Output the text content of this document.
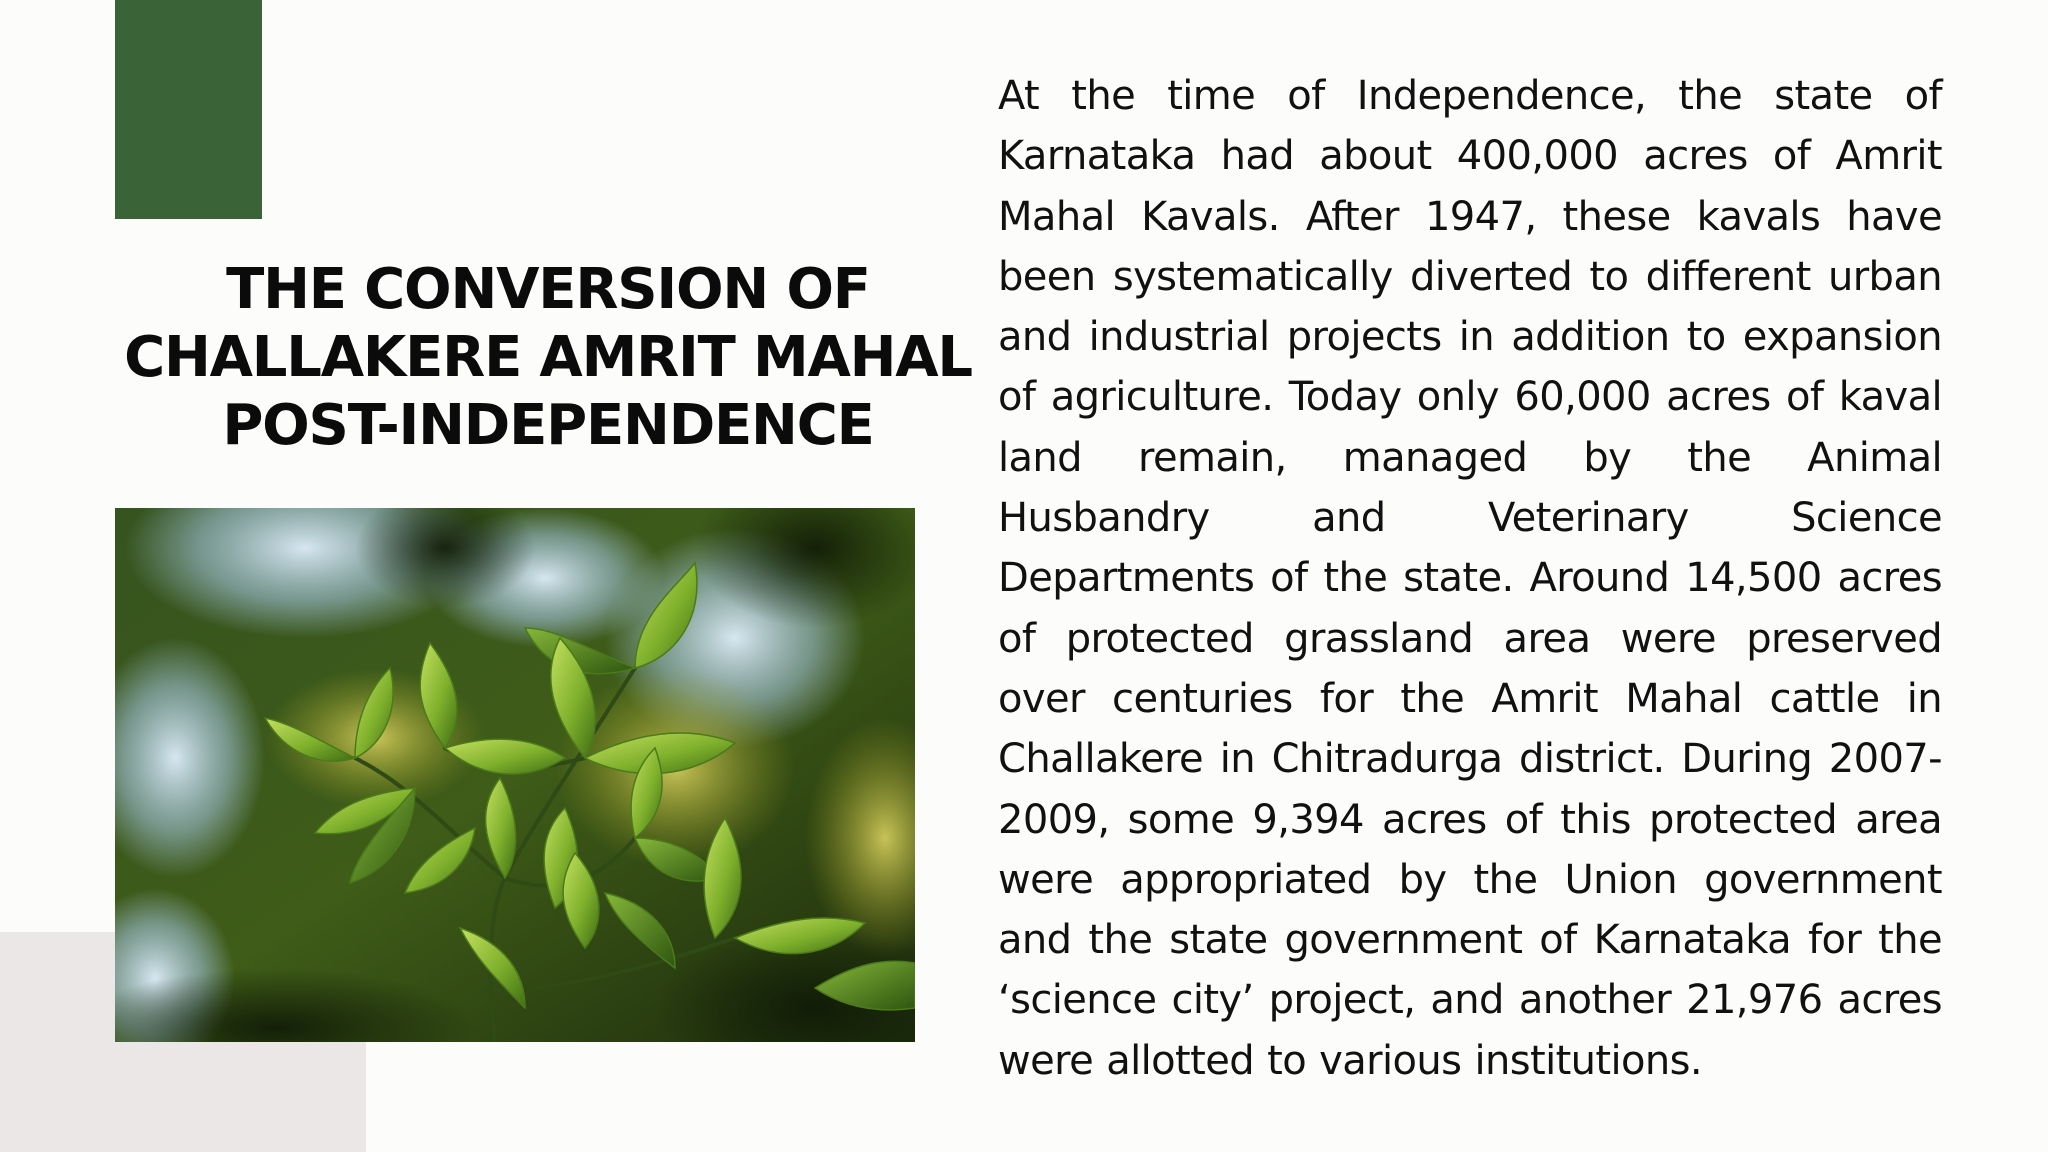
THE CONVERSION OF
CHALLAKERE AMRIT MAHAL
POST-INDEPENDENCE

At the time of Independence, the state of Karnataka had about 400,000 acres of Amrit Mahal Kavals. After 1947, these kavals have been systematically diverted to different urban and industrial projects in addition to expansion of agriculture. Today only 60,000 acres of kaval land remain, managed by the Animal Husbandry and Veterinary Science Departments of the state. Around 14,500 acres of protected grassland area were preserved over centuries for the Amrit Mahal cattle in Challakere in Chitradurga district. During 2007-2009, some 9,394 acres of this protected area were appropriated by the Union government and the state government of Karnataka for the ‘science city’ project, and another 21,976 acres were allotted to various institutions.
